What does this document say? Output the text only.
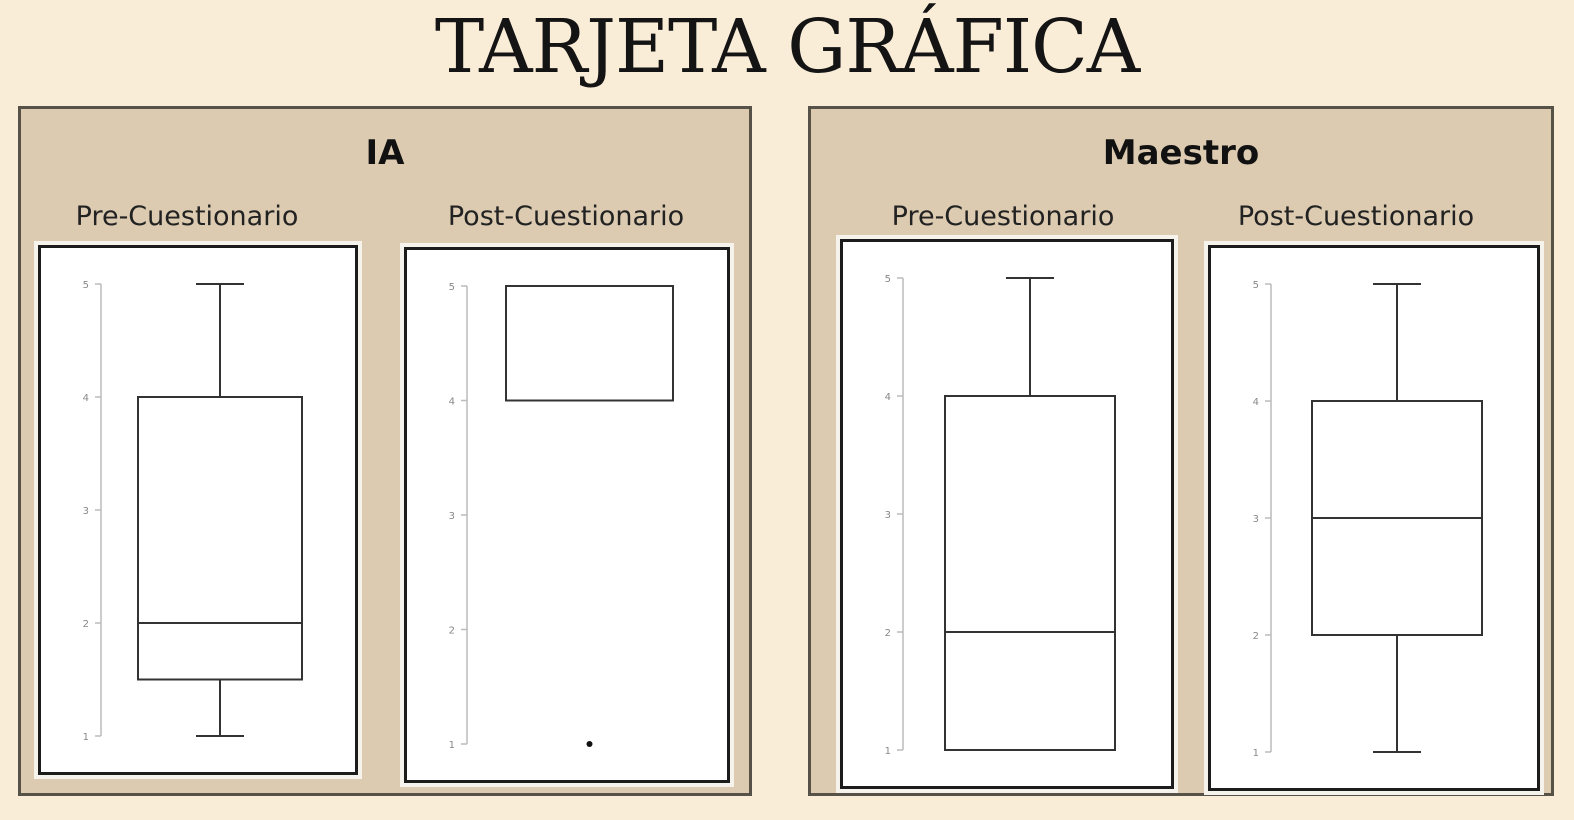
TARJETA GRÁFICA
IA
Pre-Cuestionario	Post-Cuestionario
1
2
3
4
5
1
2
3
4
5
Maestro
Pre-Cuestionario	Post-Cuestionario
1
2
3
4
5
1
2
3
4
5
